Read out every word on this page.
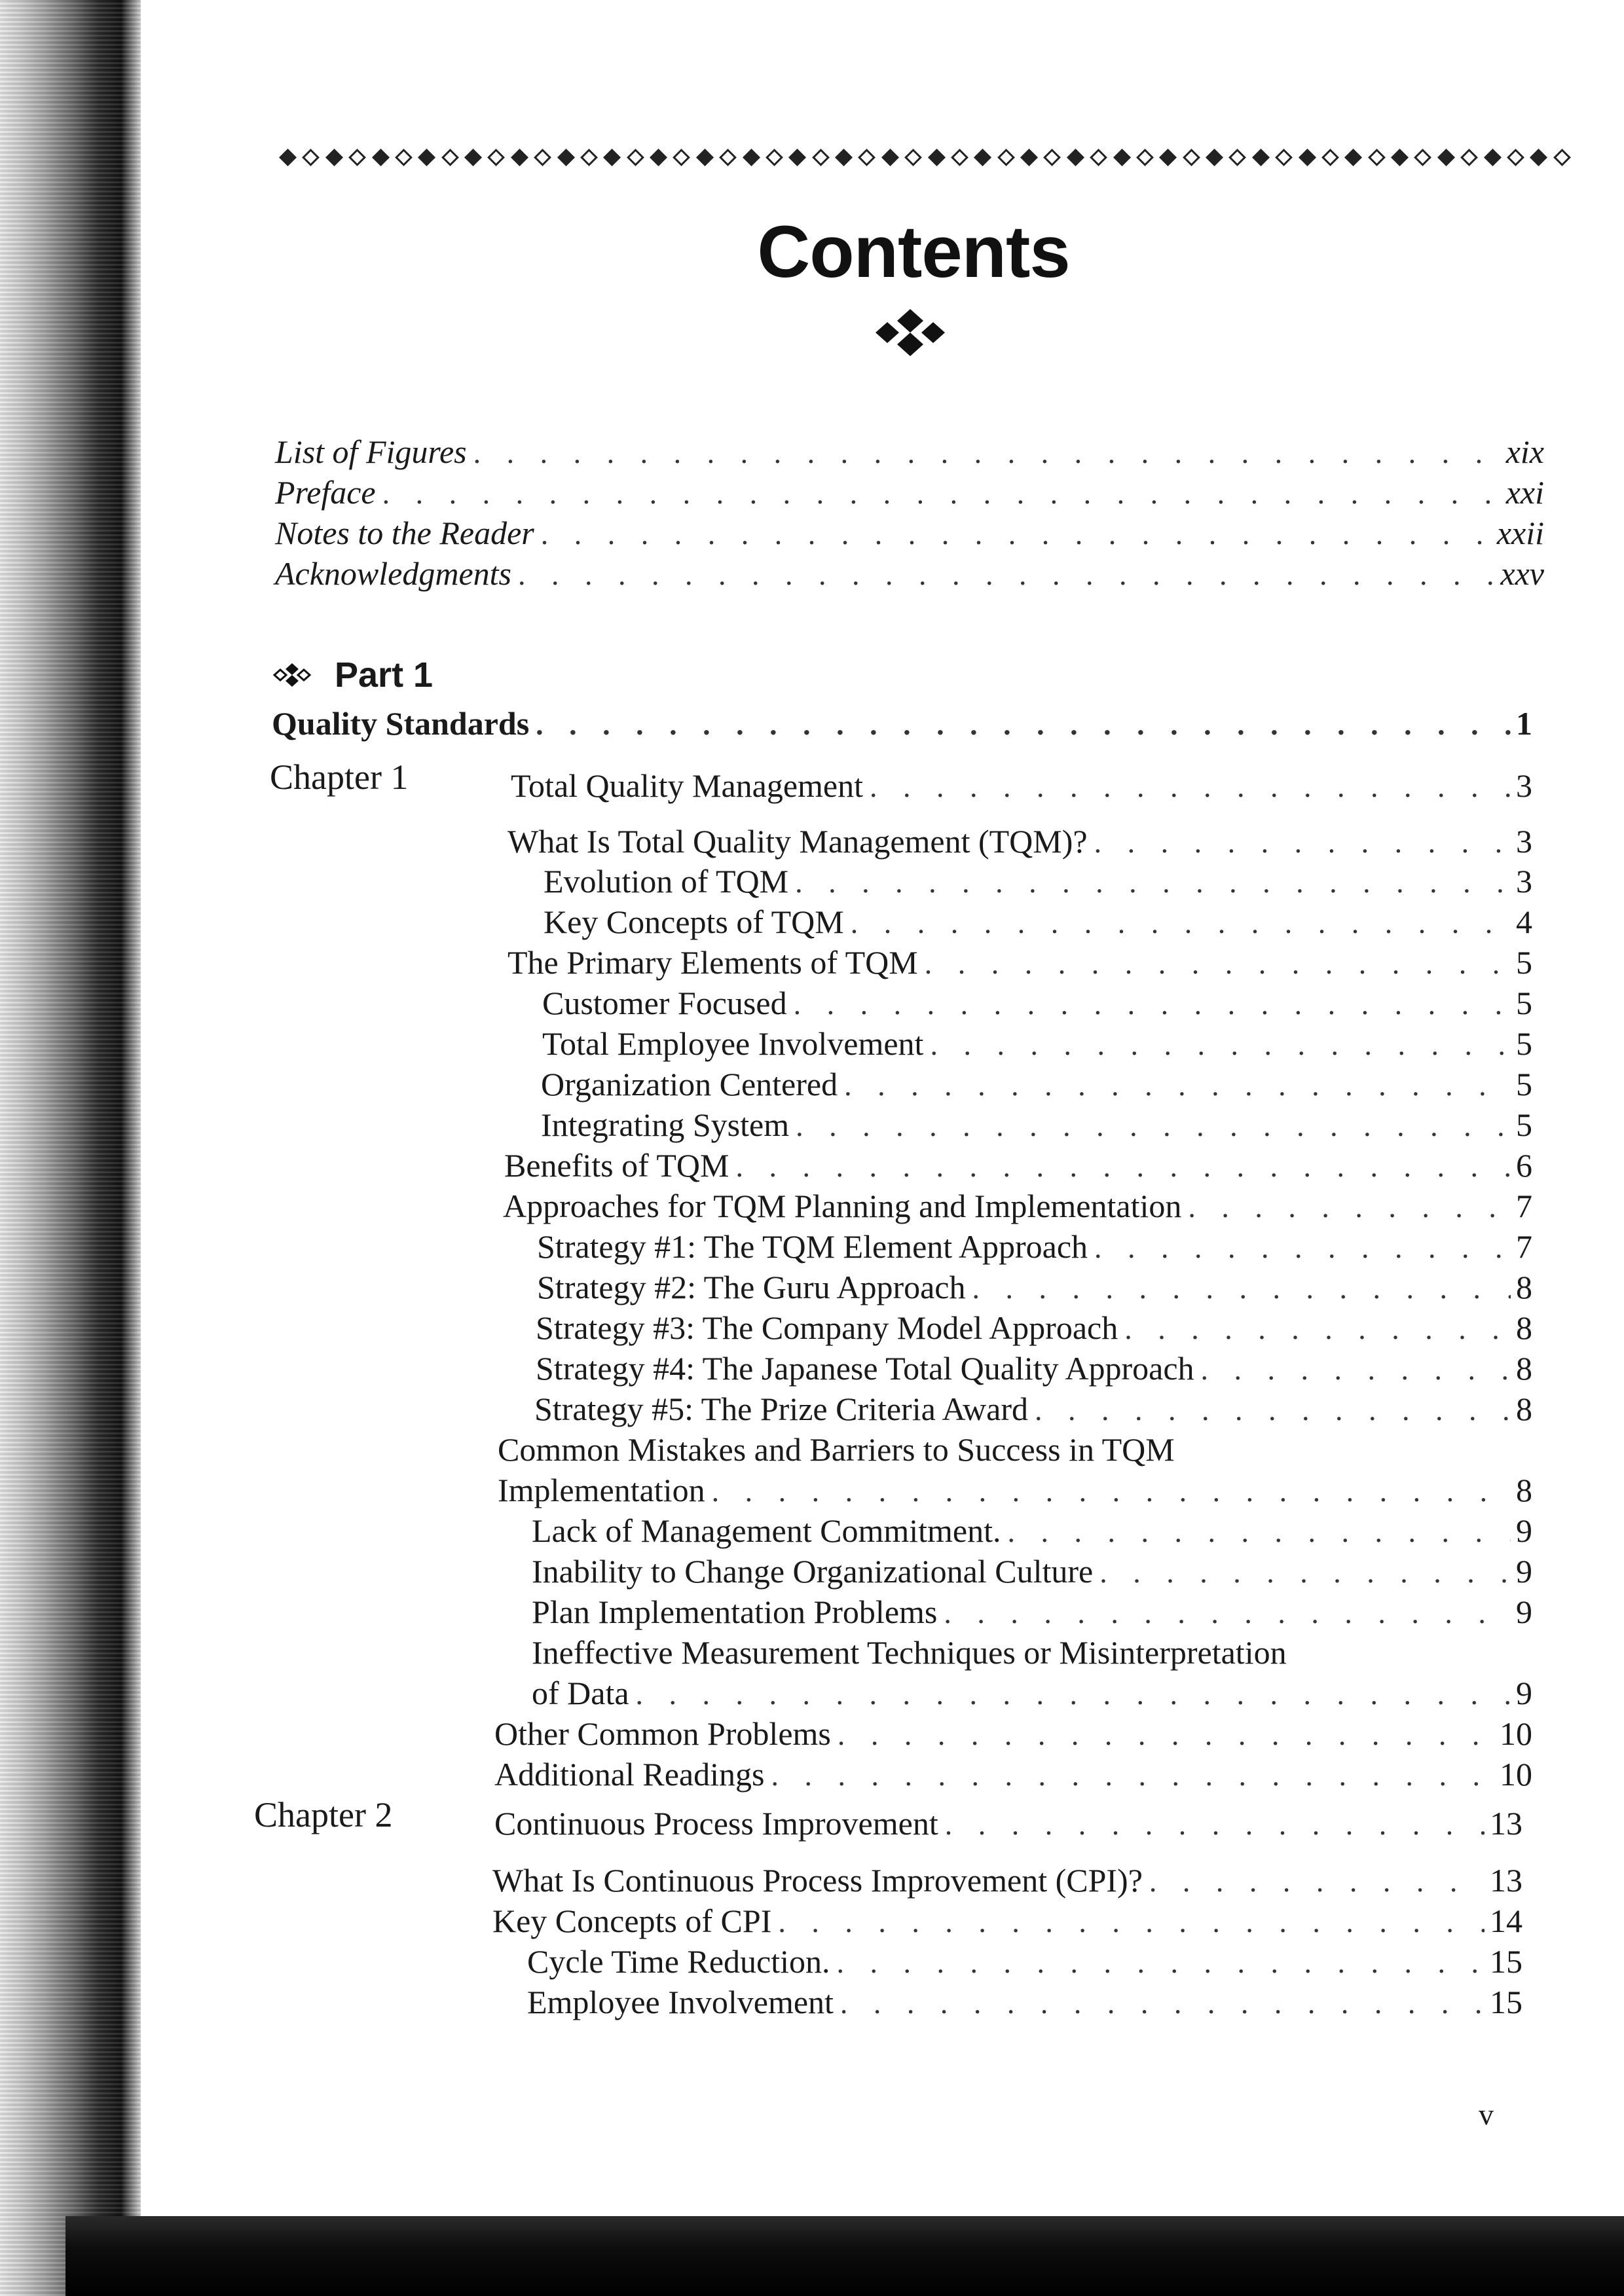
Contents
List of Figures . . .	xix
Preface . . .	xxi
Notes to the Reader . . .	xxii
Acknowledgments . . .	xxv
Part 1
Quality Standards . . .	1
Chapter 1	Total Quality Management . . .	3
What Is Total Quality Management (TQM)? . . .	3
Evolution of TQM . . .	3
Key Concepts of TQM . . .	4
The Primary Elements of TQM . . .	5
Customer Focused . . .	5
Total Employee Involvement . . .	5
Organization Centered . . .	5
Integrating System . . .	5
Benefits of TQM . . .	6
Approaches for TQM Planning and Implementation . . .	7
Strategy #1: The TQM Element Approach . . .	7
Strategy #2: The Guru Approach . . .	8
Strategy #3: The Company Model Approach . . .	8
Strategy #4: The Japanese Total Quality Approach . . .	8
Strategy #5: The Prize Criteria Award . . .	8
Common Mistakes and Barriers to Success in TQM
Implementation . . .	8
Lack of Management Commitment. . . .	9
Inability to Change Organizational Culture . . .	9
Plan Implementation Problems . . .	9
Ineffective Measurement Techniques or Misinterpretation
of Data . . .	9
Other Common Problems . . .	10
Additional Readings . . .	10
Chapter 2	Continuous Process Improvement . . .	13
What Is Continuous Process Improvement (CPI)? . . .	13
Key Concepts of CPI . . .	14
Cycle Time Reduction. . . .	15
Employee Involvement . . .	15
v
